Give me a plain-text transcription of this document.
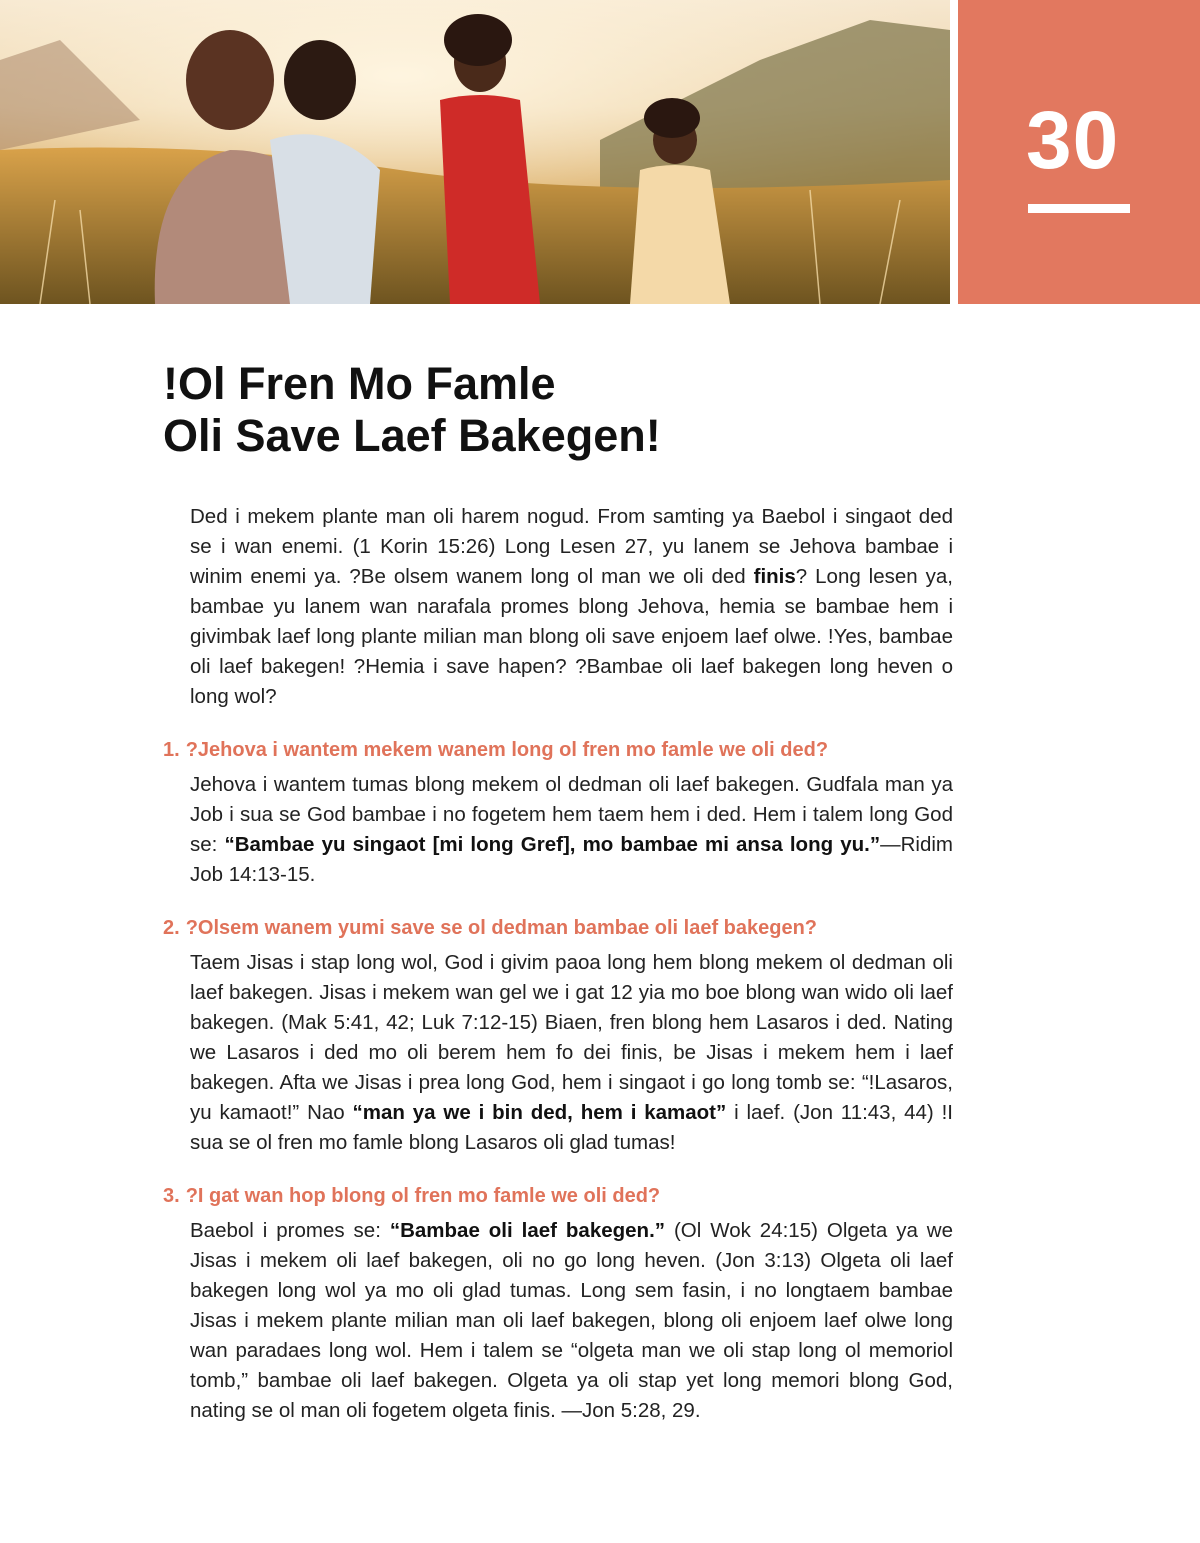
30
!Ol Fren Mo Famle
Oli Save Laef Bakegen!

Ded i mekem plante man oli harem nogud. From samting ya Baebol i singaot ded se i wan enemi. (1 Korin 15:26) Long Lesen 27, yu lanem se Jehova bambae i winim enemi ya. ?Be olsem wanem long ol man we oli ded finis? Long lesen ya, bambae yu lanem wan narafala promes blong Jehova, hemia se bambae hem i givimbak laef long plante milian man blong oli save enjoem laef olwe. !Yes, bambae oli laef bakegen! ?Hemia i save hapen? ?Bambae oli laef bakegen long heven o long wol?

1. ?Jehova i wantem mekem wanem long ol fren mo famle we oli ded?

Jehova i wantem tumas blong mekem ol dedman oli laef bakegen. Gudfala man ya Job i sua se God bambae i no fogetem hem taem hem i ded. Hem i talem long God se: “Bambae yu singaot [mi long Gref], mo bambae mi ansa long yu.”—Ridim Job 14:13-15.

2. ?Olsem wanem yumi save se ol dedman bambae oli laef bakegen?

Taem Jisas i stap long wol, God i givim paoa long hem blong mekem ol dedman oli laef bakegen. Jisas i mekem wan gel we i gat 12 yia mo boe blong wan wido oli laef bakegen. (Mak 5:41, 42; Luk 7:12-15) Biaen, fren blong hem Lasaros i ded. Nating we Lasaros i ded mo oli berem hem fo dei finis, be Jisas i mekem hem i laef bakegen. Afta we Jisas i prea long God, hem i singaot i go long tomb se: “!Lasaros, yu kamaot!” Nao “man ya we i bin ded, hem i kamaot” i laef. (Jon 11:43, 44) !I sua se ol fren mo famle blong Lasaros oli glad tumas!

3. ?I gat wan hop blong ol fren mo famle we oli ded?

Baebol i promes se: “Bambae oli laef bakegen.” (Ol Wok 24:15) Olgeta ya we Jisas i mekem oli laef bakegen, oli no go long heven. (Jon 3:13) Olgeta oli laef bakegen long wol ya mo oli glad tumas. Long sem fasin, i no longtaem bambae Jisas i mekem plante milian man oli laef bakegen, blong oli enjoem laef olwe long wan paradaes long wol. Hem i talem se “olgeta man we oli stap long ol memoriol tomb,” bambae oli laef bakegen. Olgeta ya oli stap yet long memori blong God, nating se ol man oli fogetem olgeta finis. —Jon 5:28, 29.
